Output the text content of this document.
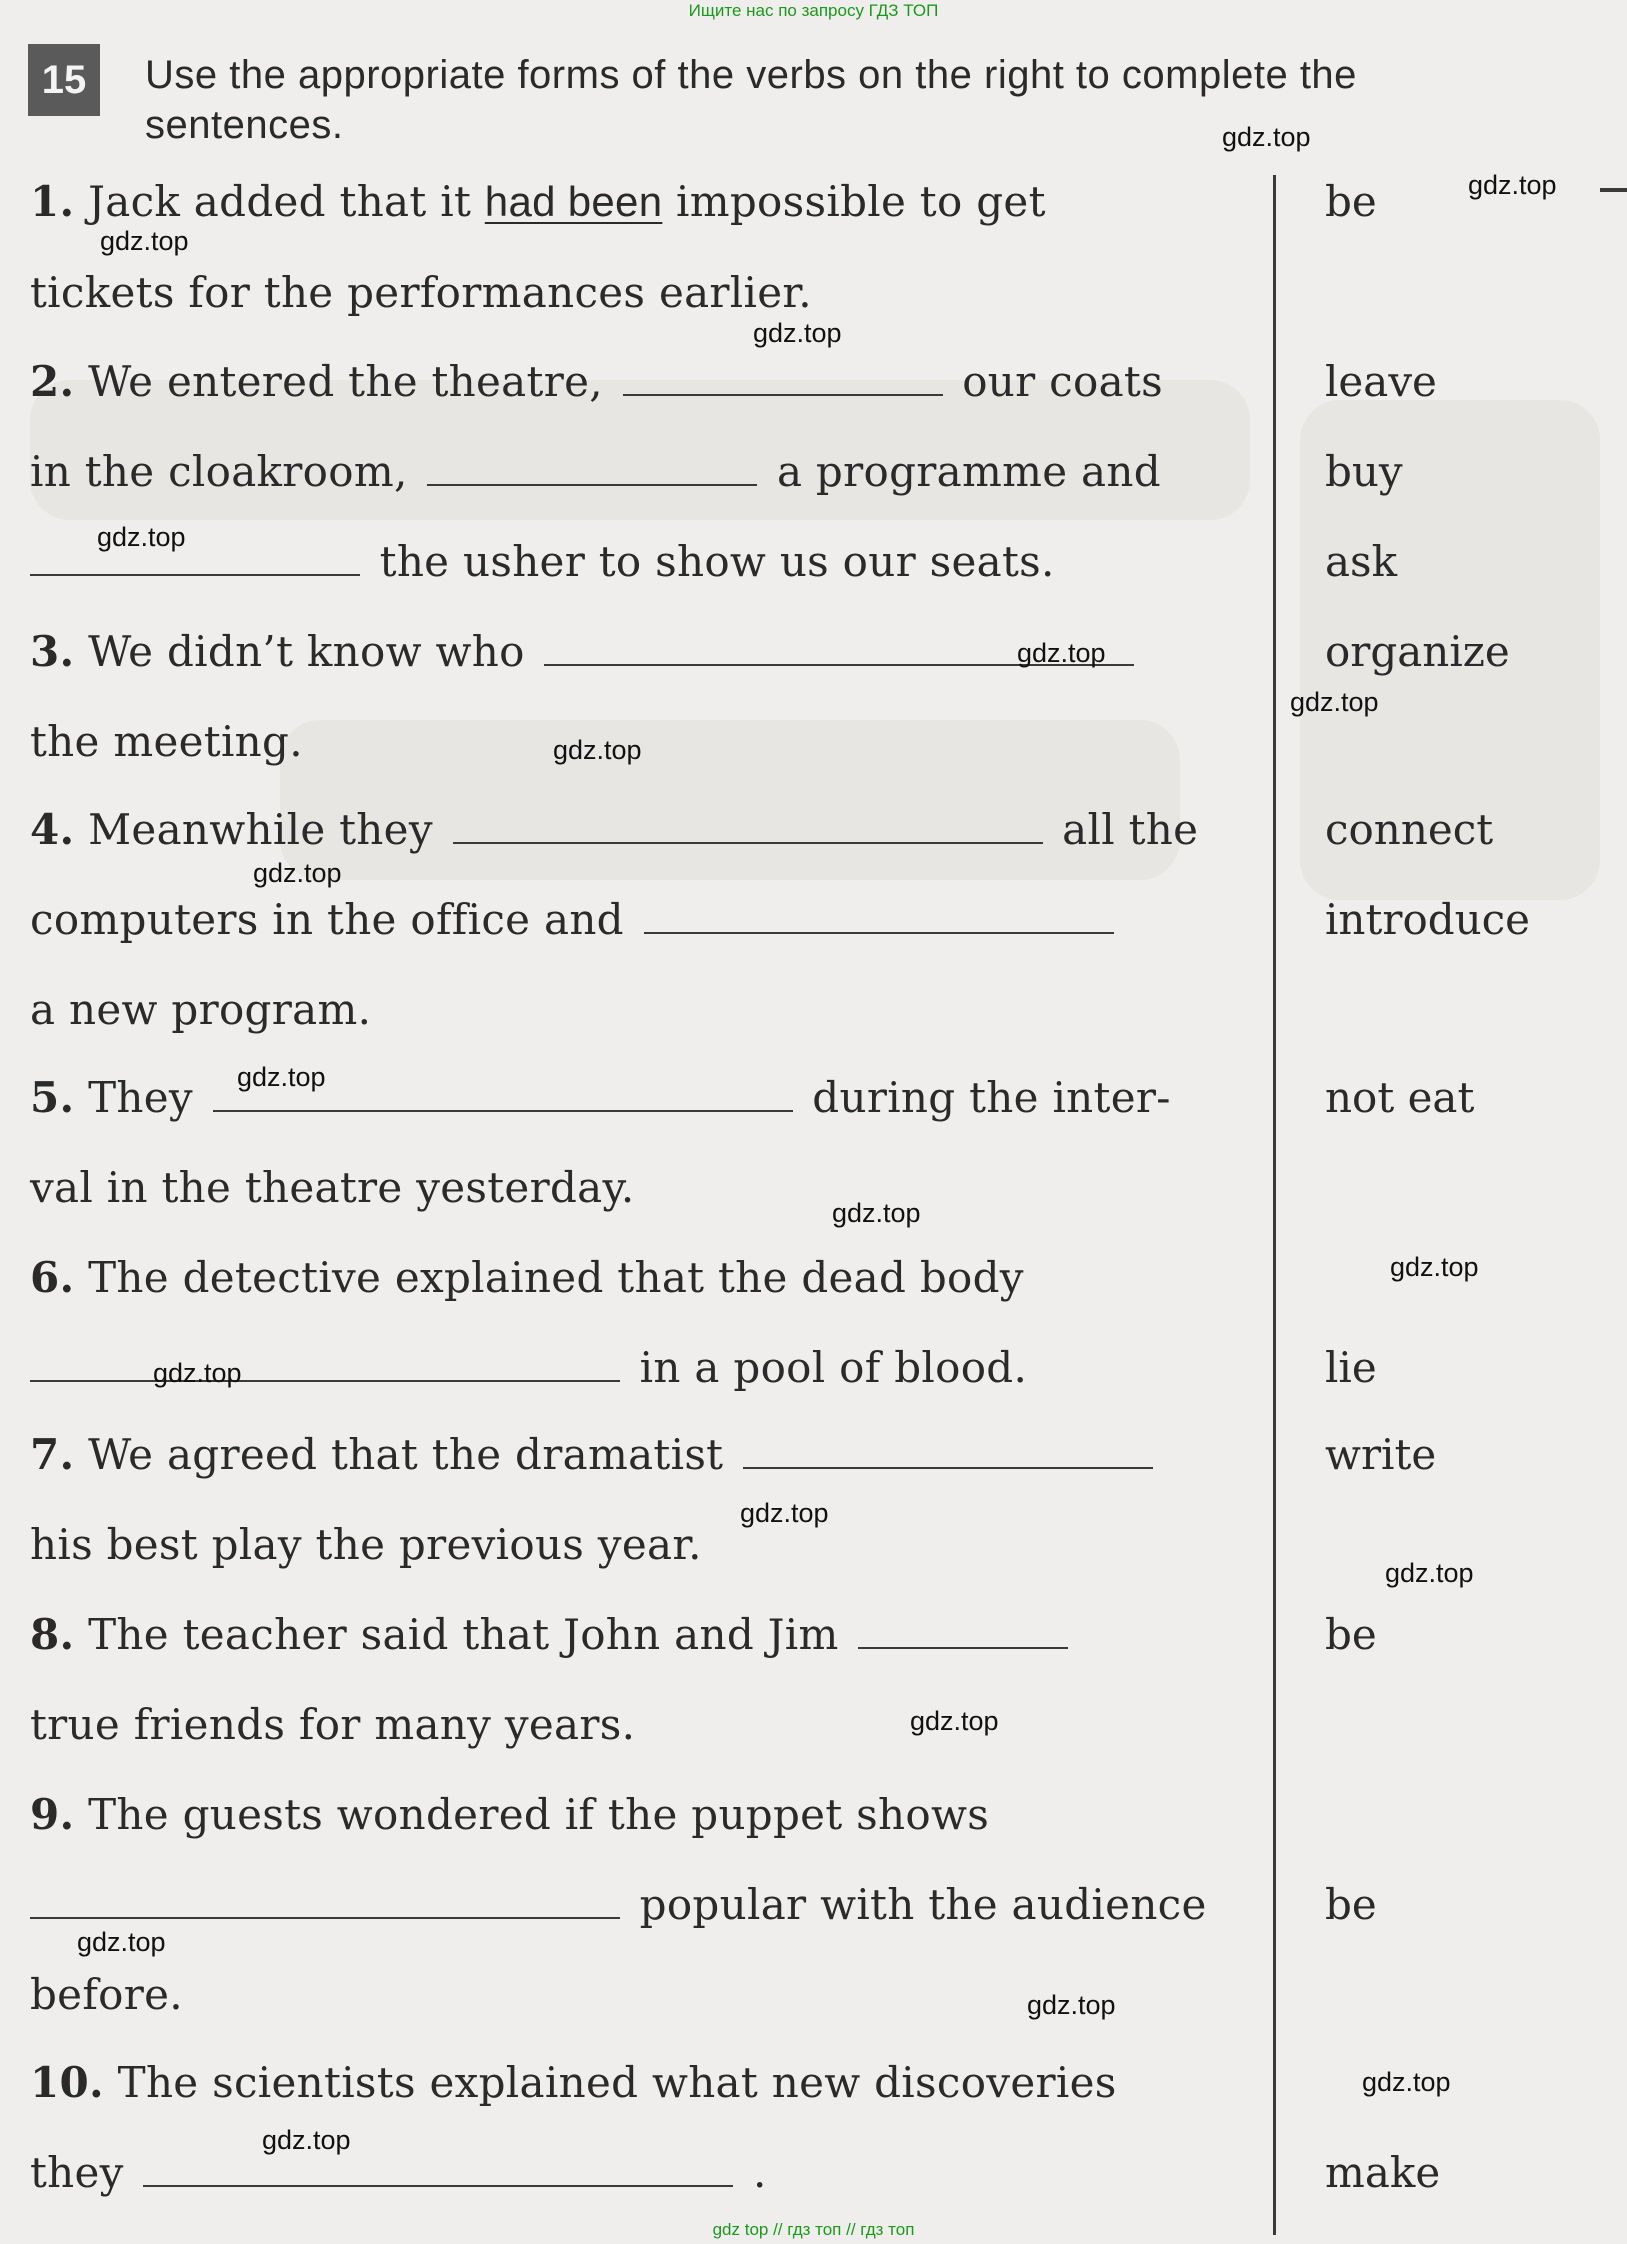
Ищите нас по запросу ГДЗ ТОП
15	Use the appropriate forms of the verbs on the right to complete the sentences.
1. Jack added that it had been impossible to get
tickets for the performances earlier.
2. We entered the theatre,	our coats
in the cloakroom,	a programme and
the usher to show us our seats.
3. We didn’t know who
the meeting.
4. Meanwhile they	all the
computers in the office and
a new program.
5. They	during the inter-
val in the theatre yesterday.
6. The detective explained that the dead body
in a pool of blood.
7. We agreed that the dramatist
his best play the previous year.
8. The teacher said that John and Jim
true friends for many years.
9. The guests wondered if the puppet shows
popular with the audience
before.
10. The scientists explained what new discoveries
they	.
be
leave
buy
ask
organize
connect
introduce
not eat
lie
write
be
be
make
gdz.top
gdz.top
gdz.top
gdz.top
gdz.top
gdz.top
gdz.top
gdz.top
gdz.top
gdz.top
gdz.top
gdz.top
gdz.top
gdz.top
gdz.top
gdz.top
gdz.top
gdz.top
gdz.top
gdz.top
gdz top // гдз топ // гдз топ
